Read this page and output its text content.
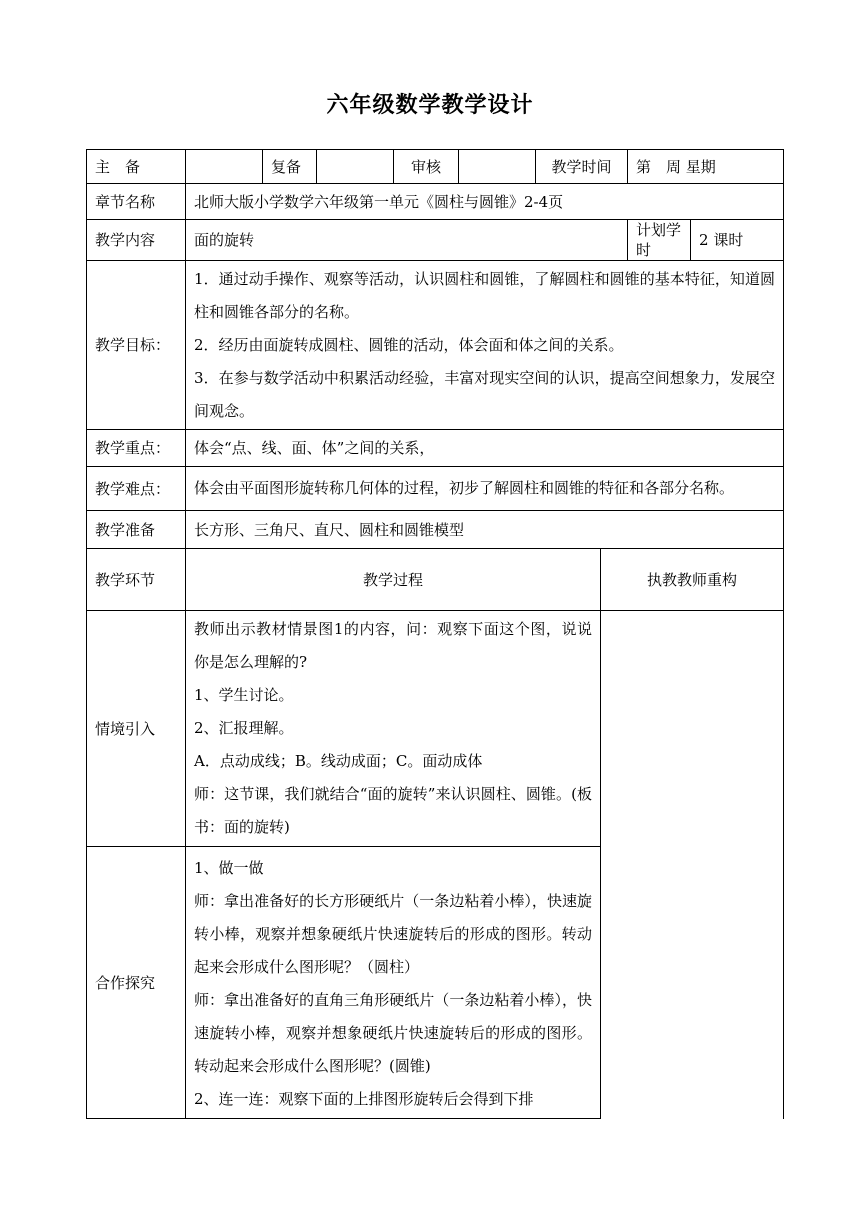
六年级数学教学设计
主　备		复备		审核		教学时间		第　周 星期	
章节名称	北师大版小学数学六年级第一单元《圆柱与圆锥》2-4页								
教学内容	面的旋转							计划学时	2 课时
教学目标：	1．通过动手操作、观察等活动，认识圆柱和圆锥，了解圆柱和圆锥的基本特征，知道圆柱和圆锥各部分的名称。

2．经历由面旋转成圆柱、圆锥的活动，体会面和体之间的关系。

3．在参与数学活动中积累活动经验，丰富对现实空间的认识，提高空间想象力，发展空间观念。								

教学重点：	体会“点、线、面、体”之间的关系，								
教学难点：	体会由平面图形旋转称几何体的过程，初步了解圆柱和圆锥的特征和各部分名称。								

教学准备	长方形、三角尺、直尺、圆柱和圆锥模型								
教学环节	教学过程						执教教师重构		
情境引入	教师出示教材情景图1的内容，问：观察下面这个图，说说你是怎么理解的?

1、学生讨论。

2、汇报理解。

A．点动成线；B。线动成面；C。面动成体

师：这节课，我们就结合“面的旋转”来认识圆柱、圆锥。(板书：面的旋转)								

合作探究	1、做一做

师：拿出准备好的长方形硬纸片（一条边粘着小棒），快速旋转小棒，观察并想象硬纸片快速旋转后的形成的图形。转动起来会形成什么图形呢？（圆柱）

师：拿出准备好的直角三角形硬纸片（一条边粘着小棒），快速旋转小棒，观察并想象硬纸片快速旋转后的形成的图形。转动起来会形成什么图形呢？(圆锥)

2、连一连：观察下面的上排图形旋转后会得到下排								
